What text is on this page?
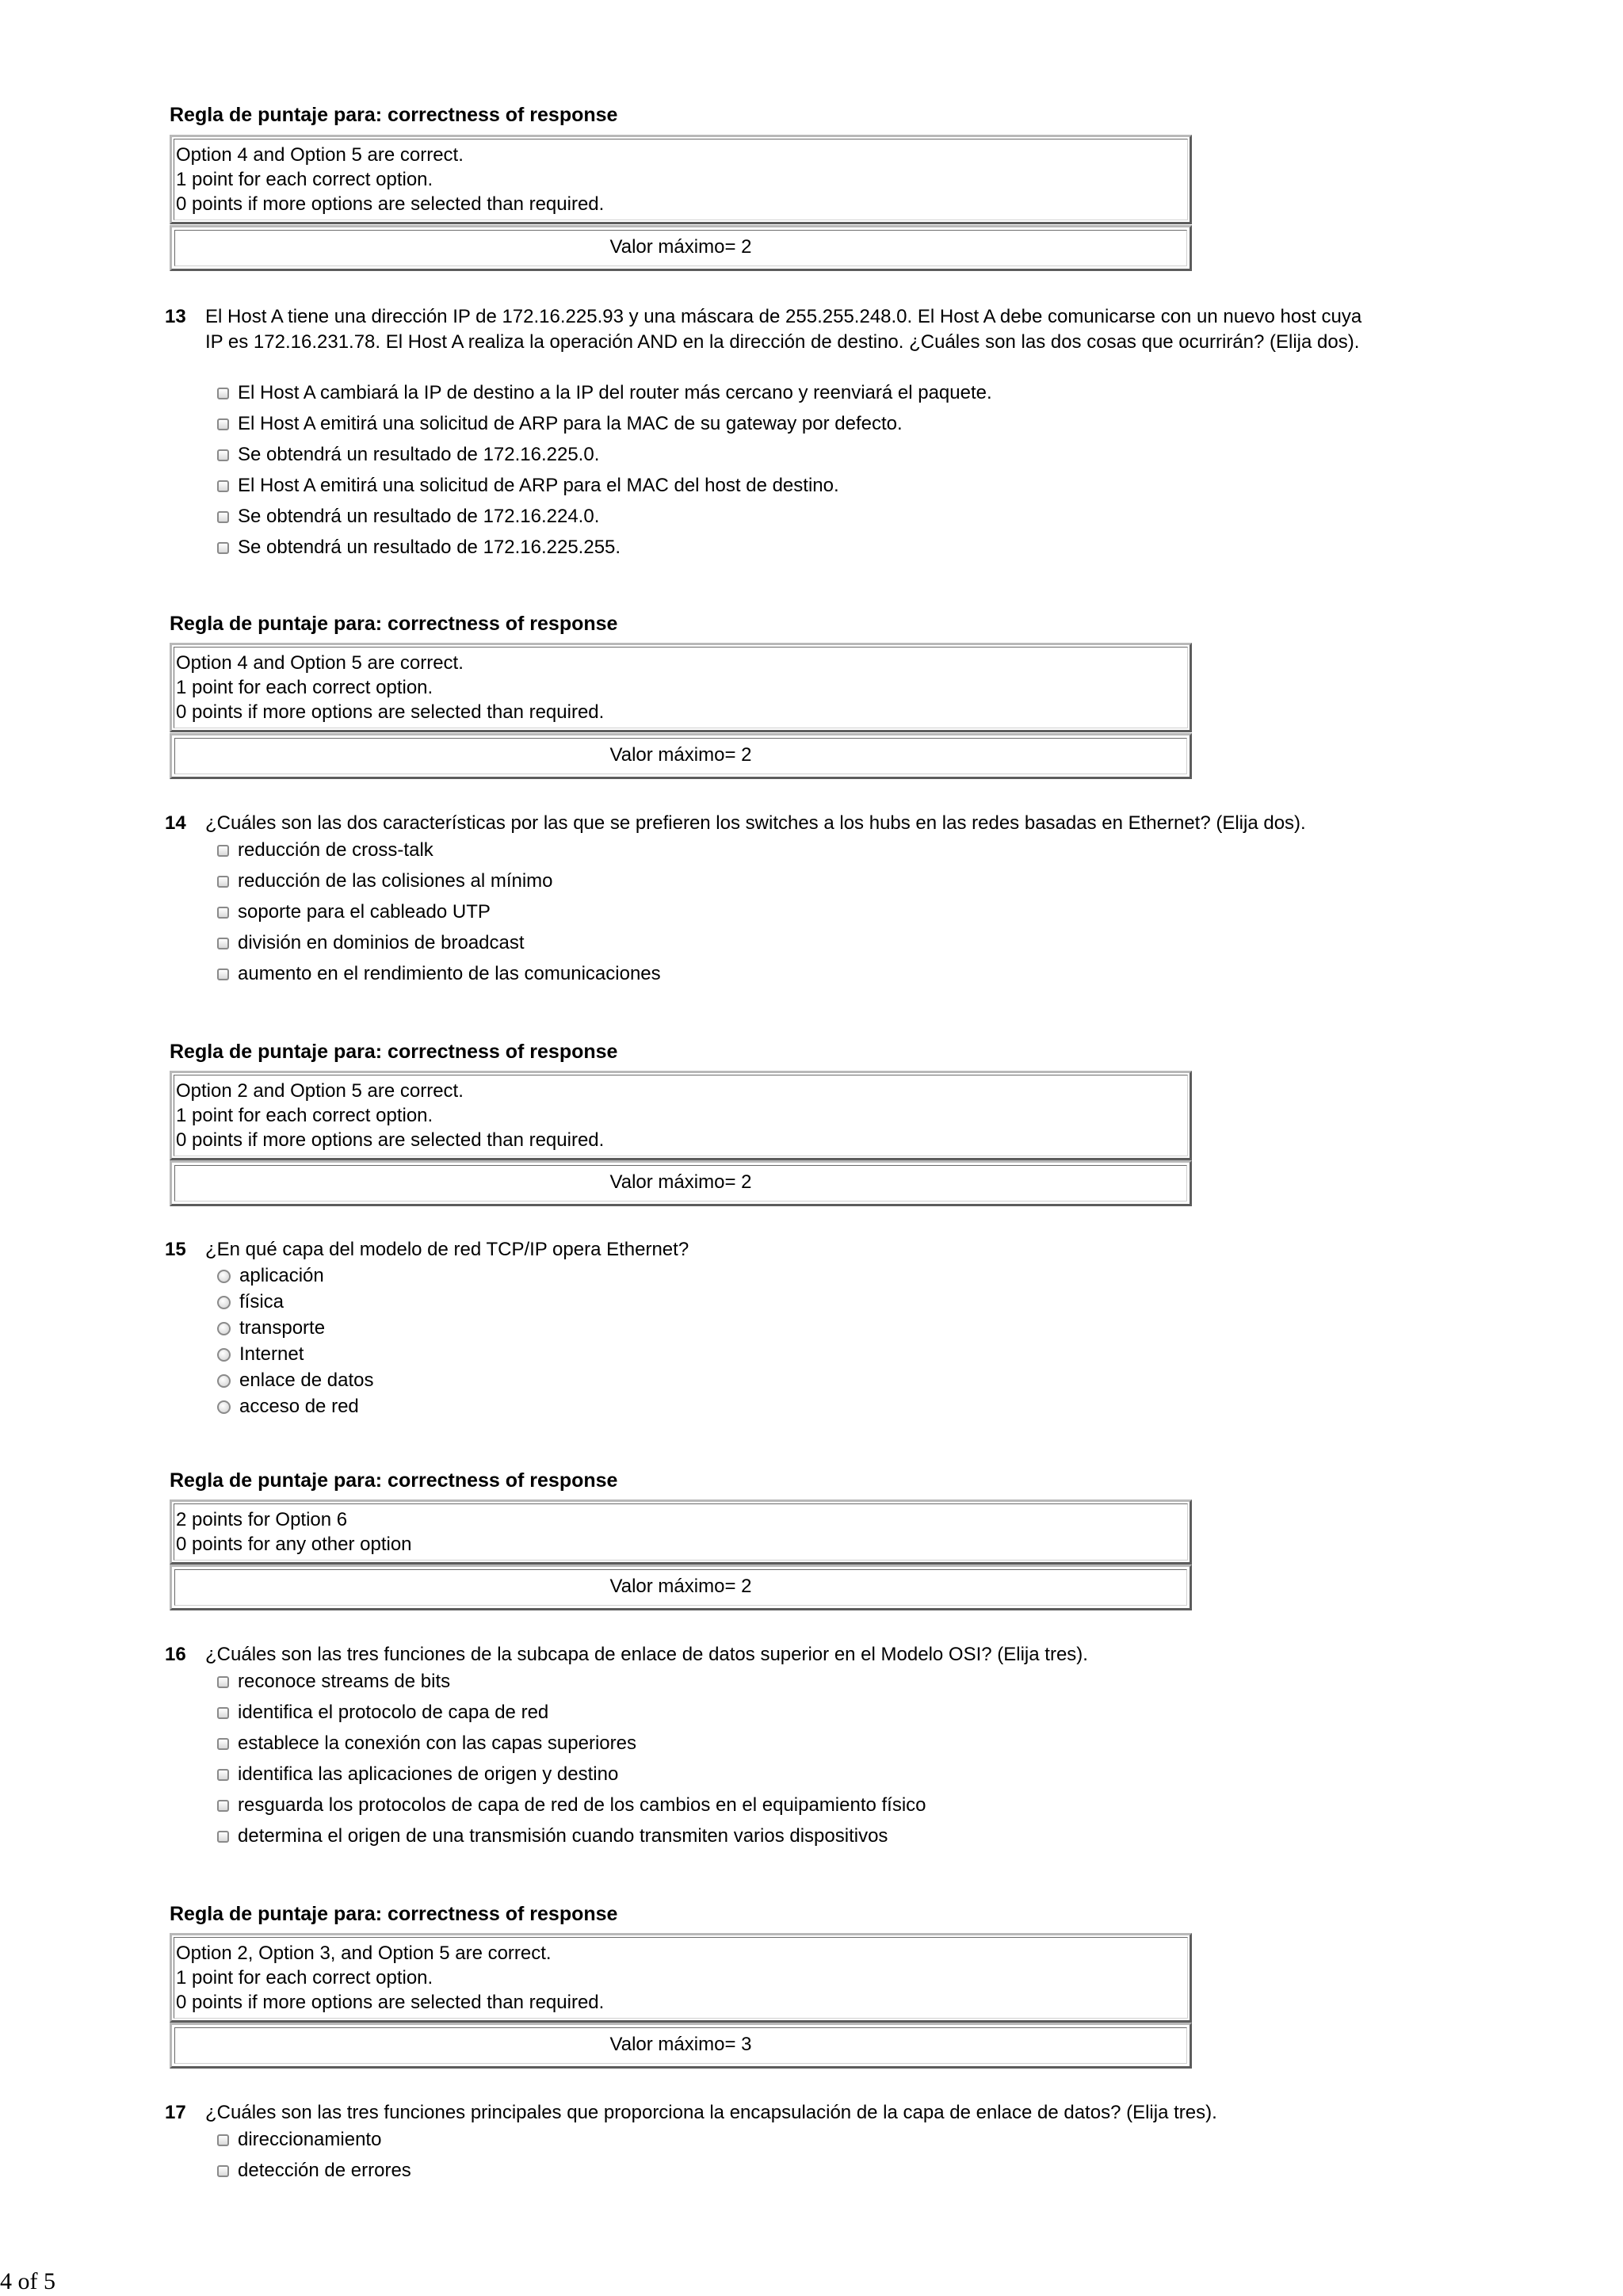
Regla de puntaje para: correctness of response
Option 4 and Option 5 are correct.
1 point for each correct option.
0 points if more options are selected than required.
Valor máximo= 2
13 El Host A tiene una dirección IP de 172.16.225.93 y una máscara de 255.255.248.0. El Host A debe comunicarse con un nuevo host cuya IP es 172.16.231.78. El Host A realiza la operación AND en la dirección de destino. ¿Cuáles son las dos cosas que ocurrirán? (Elija dos).
El Host A cambiará la IP de destino a la IP del router más cercano y reenviará el paquete.
El Host A emitirá una solicitud de ARP para la MAC de su gateway por defecto.
Se obtendrá un resultado de 172.16.225.0.
El Host A emitirá una solicitud de ARP para el MAC del host de destino.
Se obtendrá un resultado de 172.16.224.0.
Se obtendrá un resultado de 172.16.225.255.
Regla de puntaje para: correctness of response
Option 4 and Option 5 are correct.
1 point for each correct option.
0 points if more options are selected than required.
Valor máximo= 2
14 ¿Cuáles son las dos características por las que se prefieren los switches a los hubs en las redes basadas en Ethernet? (Elija dos).
reducción de cross-talk
reducción de las colisiones al mínimo
soporte para el cableado UTP
división en dominios de broadcast
aumento en el rendimiento de las comunicaciones
Regla de puntaje para: correctness of response
Option 2 and Option 5 are correct.
1 point for each correct option.
0 points if more options are selected than required.
Valor máximo= 2
15 ¿En qué capa del modelo de red TCP/IP opera Ethernet?
aplicación
física
transporte
Internet
enlace de datos
acceso de red
Regla de puntaje para: correctness of response
2 points for Option 6
0 points for any other option
Valor máximo= 2
16 ¿Cuáles son las tres funciones de la subcapa de enlace de datos superior en el Modelo OSI? (Elija tres).
reconoce streams de bits
identifica el protocolo de capa de red
establece la conexión con las capas superiores
identifica las aplicaciones de origen y destino
resguarda los protocolos de capa de red de los cambios en el equipamiento físico
determina el origen de una transmisión cuando transmiten varios dispositivos
Regla de puntaje para: correctness of response
Option 2, Option 3, and Option 5 are correct.
1 point for each correct option.
0 points if more options are selected than required.
Valor máximo= 3
17 ¿Cuáles son las tres funciones principales que proporciona la encapsulación de la capa de enlace de datos? (Elija tres).
direccionamiento
detección de errores
4 of 5
